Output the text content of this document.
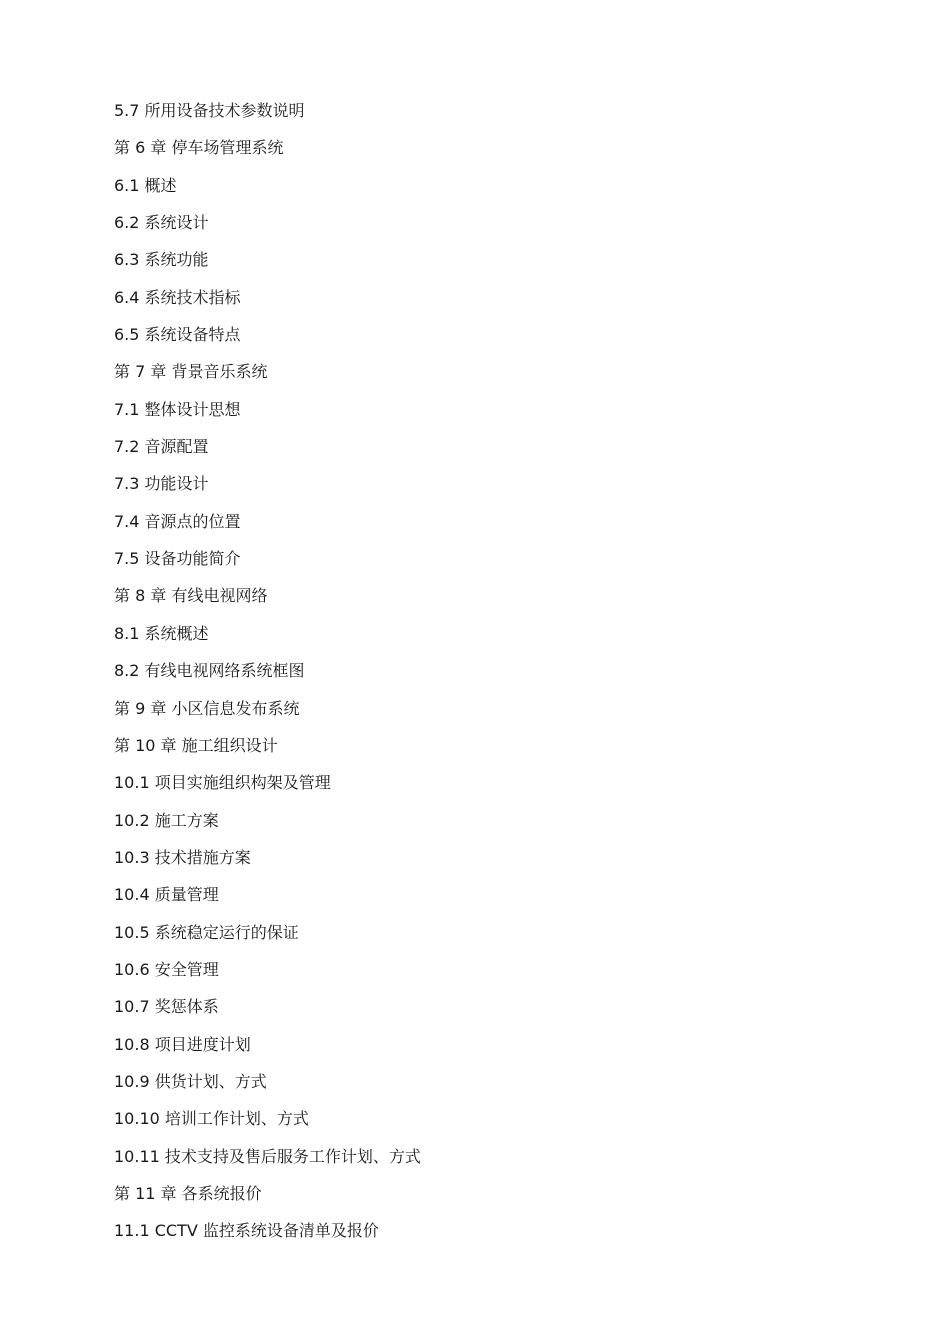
5.7 所用设备技术参数说明
第 6 章 停车场管理系统
6.1 概述
6.2 系统设计
6.3 系统功能
6.4 系统技术指标
6.5 系统设备特点
第 7 章 背景音乐系统
7.1 整体设计思想
7.2 音源配置
7.3 功能设计
7.4 音源点的位置
7.5 设备功能简介
第 8 章 有线电视网络
8.1 系统概述
8.2 有线电视网络系统框图
第 9 章 小区信息发布系统
第 10 章 施工组织设计
10.1 项目实施组织构架及管理
10.2 施工方案
10.3 技术措施方案
10.4 质量管理
10.5 系统稳定运行的保证
10.6 安全管理
10.7 奖惩体系
10.8 项目进度计划
10.9 供货计划、方式
10.10 培训工作计划、方式
10.11 技术支持及售后服务工作计划、方式
第 11 章 各系统报价
11.1 CCTV 监控系统设备清单及报价
